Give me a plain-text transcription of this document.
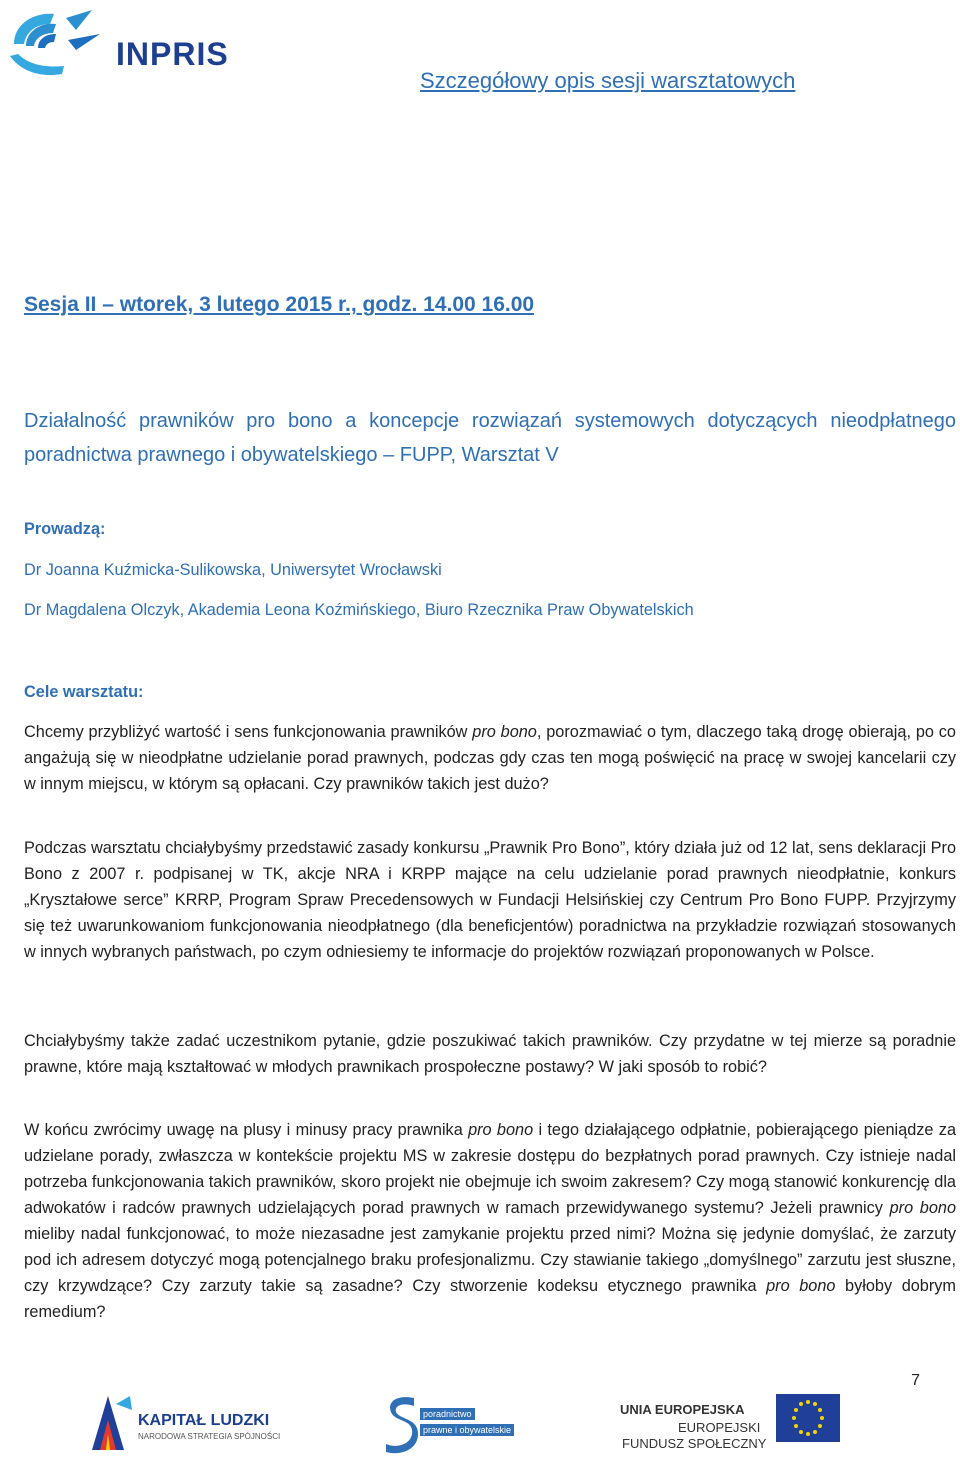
INPRIS
Szczegółowy opis sesji warsztatowych
Sesja II – wtorek, 3 lutego 2015 r., godz. 14.00 16.00
Działalność prawników pro bono a koncepcje rozwiązań systemowych dotyczących nieodpłatnego poradnictwa prawnego i obywatelskiego – FUPP, Warsztat V
Prowadzą:
Dr Joanna Kuźmicka-Sulikowska, Uniwersytet Wrocławski
Dr Magdalena Olczyk, Akademia Leona Koźmińskiego, Biuro Rzecznika Praw Obywatelskich
Cele warsztatu:

Chcemy przybliżyć wartość i sens funkcjonowania prawników pro bono, porozmawiać o tym, dlaczego taką drogę obierają, po co angażują się w nieodpłatne udzielanie porad prawnych, podczas gdy czas ten mogą poświęcić na pracę w swojej kancelarii czy w innym miejscu, w którym są opłacani. Czy prawników takich jest dużo?

Podczas warsztatu chciałybyśmy przedstawić zasady konkursu „Prawnik Pro Bono”, który działa już od 12 lat, sens deklaracji Pro Bono z 2007 r. podpisanej w TK, akcje NRA i KRPP mające na celu udzielanie porad prawnych nieodpłatnie, konkurs „Kryształowe serce” KRRP, Program Spraw Precedensowych w Fundacji Helsińskiej czy Centrum Pro Bono FUPP. Przyjrzymy się też uwarunkowaniom funkcjonowania nieodpłatnego (dla beneficjentów) poradnictwa na przykładzie rozwiązań stosowanych w innych wybranych państwach, po czym odniesiemy te informacje do projektów rozwiązań proponowanych w Polsce.

Chciałybyśmy także zadać uczestnikom pytanie, gdzie poszukiwać takich prawników. Czy przydatne w tej mierze są poradnie prawne, które mają kształtować w młodych prawnikach prospołeczne postawy? W jaki sposób to robić?

W końcu zwrócimy uwagę na plusy i minusy pracy prawnika pro bono i tego działającego odpłatnie, pobierającego pieniądze za udzielane porady, zwłaszcza w kontekście projektu MS w zakresie dostępu do bezpłatnych porad prawnych. Czy istnieje nadal potrzeba funkcjonowania takich prawników, skoro projekt nie obejmuje ich swoim zakresem? Czy mogą stanowić konkurencję dla adwokatów i radców prawnych udzielających porad prawnych w ramach przewidywanego systemu? Jeżeli prawnicy pro bono mieliby nadal funkcjonować, to może niezasadne jest zamykanie projektu przed nimi? Można się jedynie domyślać, że zarzuty pod ich adresem dotyczyć mogą potencjalnego braku profesjonalizmu. Czy stawianie takiego „domyślnego” zarzutu jest słuszne, czy krzywdzące? Czy zarzuty takie są zasadne? Czy stworzenie kodeksu etycznego prawnika pro bono byłoby dobrym remedium?

7
KAPITAŁ LUDZKI
NARODOWA STRATEGIA SPÓJNOŚCI
poradnictwo
prawne i obywatelskie
UNIA EUROPEJSKA
EUROPEJSKI
FUNDUSZ SPOŁECZNY
